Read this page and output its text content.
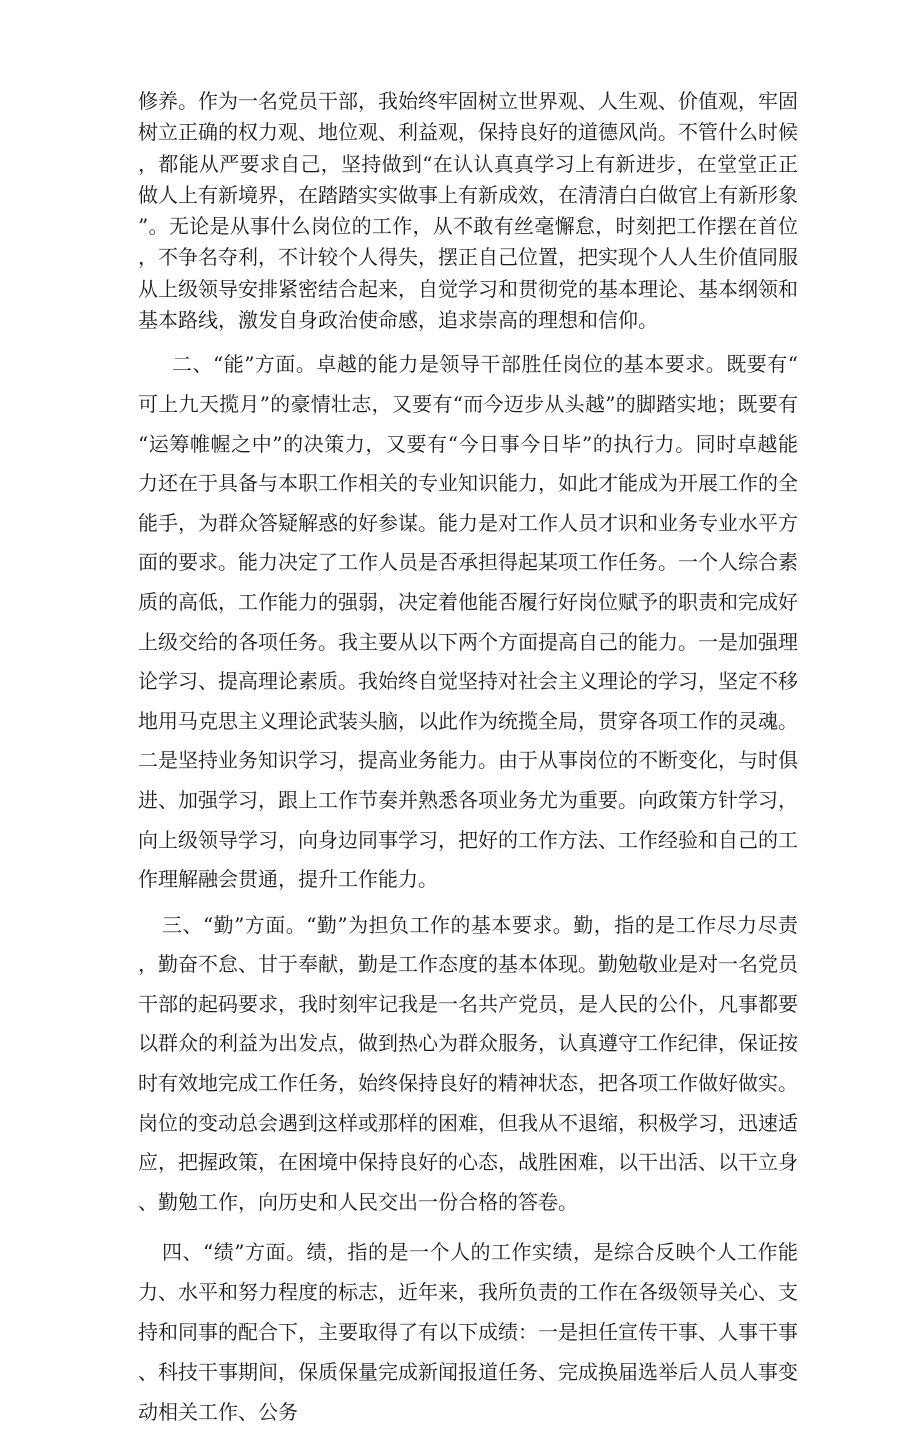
修养。作为一名党员干部，我始终牢固树立世界观、人生观、价值观，牢固树立正确的权力观、地位观、利益观，保持良好的道德风尚。不管什么时候，都能从严要求自己，坚持做到“在认认真真学习上有新进步，在堂堂正正做人上有新境界，在踏踏实实做事上有新成效，在清清白白做官上有新形象”。无论是从事什么岗位的工作，从不敢有丝毫懈怠，时刻把工作摆在首位，不争名夺利，不计较个人得失，摆正自己位置，把实现个人人生价值同服从上级领导安排紧密结合起来，自觉学习和贯彻党的基本理论、基本纲领和基本路线，激发自身政治使命感，追求崇高的理想和信仰。

二、“能”方面。卓越的能力是领导干部胜任岗位的基本要求。既要有“可上九天揽月”的豪情壮志，又要有“而今迈步从头越”的脚踏实地；既要有“运筹帷幄之中”的决策力，又要有“今日事今日毕”的执行力。同时卓越能力还在于具备与本职工作相关的专业知识能力，如此才能成为开展工作的全能手，为群众答疑解惑的好参谋。能力是对工作人员才识和业务专业水平方面的要求。能力决定了工作人员是否承担得起某项工作任务。一个人综合素质的高低，工作能力的强弱，决定着他能否履行好岗位赋予的职责和完成好上级交给的各项任务。我主要从以下两个方面提高自己的能力。一是加强理论学习、提高理论素质。我始终自觉坚持对社会主义理论的学习，坚定不移地用马克思主义理论武装头脑，以此作为统揽全局，贯穿各项工作的灵魂。二是坚持业务知识学习，提高业务能力。由于从事岗位的不断变化，与时俱进、加强学习，跟上工作节奏并熟悉各项业务尤为重要。向政策方针学习，向上级领导学习，向身边同事学习，把好的工作方法、工作经验和自己的工作理解融会贯通，提升工作能力。

三、“勤”方面。“勤”为担负工作的基本要求。勤，指的是工作尽力尽责，勤奋不怠、甘于奉献，勤是工作态度的基本体现。勤勉敬业是对一名党员干部的起码要求，我时刻牢记我是一名共产党员，是人民的公仆，凡事都要以群众的利益为出发点，做到热心为群众服务，认真遵守工作纪律，保证按时有效地完成工作任务，始终保持良好的精神状态，把各项工作做好做实。岗位的变动总会遇到这样或那样的困难，但我从不退缩，积极学习，迅速适应，把握政策，在困境中保持良好的心态，战胜困难，以干出活、以干立身、勤勉工作，向历史和人民交出一份合格的答卷。

四、“绩”方面。绩，指的是一个人的工作实绩，是综合反映个人工作能力、水平和努力程度的标志，近年来，我所负责的工作在各级领导关心、支持和同事的配合下，主要取得了有以下成绩：一是担任宣传干事、人事干事、科技干事期间，保质保量完成新闻报道任务、完成换届选举后人员人事变动相关工作、公务
